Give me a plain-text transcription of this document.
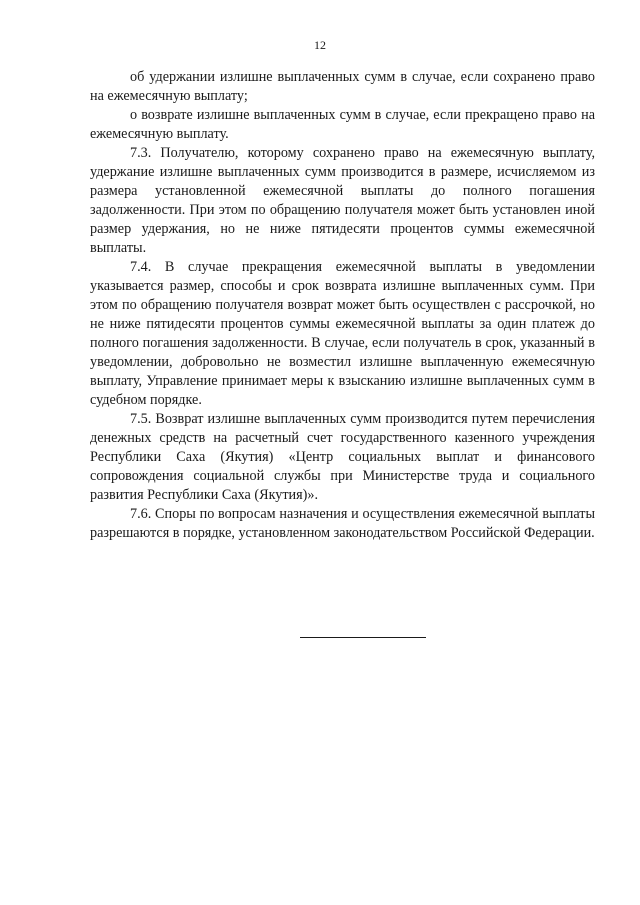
12

об удержании излишне выплаченных сумм в случае, если сохранено право на ежемесячную выплату;

о возврате излишне выплаченных сумм в случае, если прекращено право на ежемесячную выплату.

7.3. Получателю, которому сохранено право на ежемесячную выплату, удержание излишне выплаченных сумм производится в размере, исчисляемом из размера установленной ежемесячной выплаты до полного погашения задолженности. При этом по обращению получателя может быть установлен иной размер удержания, но не ниже пятидесяти процентов суммы ежемесячной выплаты.

7.4. В случае прекращения ежемесячной выплаты в уведомлении указывается размер, способы и срок возврата излишне выплаченных сумм. При этом по обращению получателя возврат может быть осуществлен с рассрочкой, но не ниже пятидесяти процентов суммы ежемесячной выплаты за один платеж до полного погашения задолженности. В случае, если получатель в срок, указанный в уведомлении, добровольно не возместил излишне выплаченную ежемесячную выплату, Управление принимает меры к взысканию излишне выплаченных сумм в судебном порядке.

7.5. Возврат излишне выплаченных сумм производится путем перечисления денежных средств на расчетный счет государственного казенного учреждения Республики Саха (Якутия) «Центр социальных выплат и финансового сопровождения социальной службы при Министерстве труда и социального развития Республики Саха (Якутия)».

7.6. Споры по вопросам назначения и осуществления ежемесячной выплаты разрешаются в порядке, установленном законодательством Российской Федерации.
